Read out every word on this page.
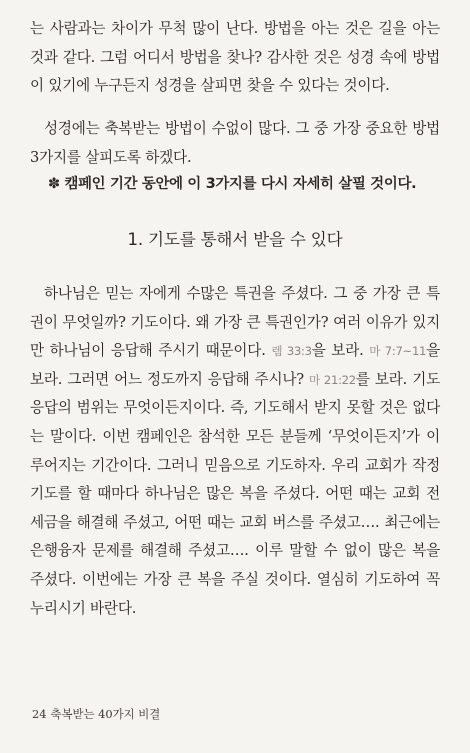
는 사람과는 차이가 무척 많이 난다. 방법을 아는 것은 길을 아는 것과 같다. 그럼 어디서 방법을 찾나? 감사한 것은 성경 속에 방법이 있기에 누구든지 성경을 살피면 찾을 수 있다는 것이다.

성경에는 축복받는 방법이 수없이 많다. 그 중 가장 중요한 방법 3가지를 살피도록 하겠다.

✽ 캠페인 기간 동안에 이 3가지를 다시 자세히 살필 것이다.

1. 기도를 통해서 받을 수 있다

하나님은 믿는 자에게 수많은 특권을 주셨다. 그 중 가장 큰 특권이 무엇일까? 기도이다. 왜 가장 큰 특권인가? 여러 이유가 있지만 하나님이 응답해 주시기 때문이다. 렘 33:3을 보라. 마 7:7~11을 보라. 그러면 어느 정도까지 응답해 주시나? 마 21:22를 보라. 기도 응답의 범위는 무엇이든지이다. 즉, 기도해서 받지 못할 것은 없다는 말이다. 이번 캠페인은 참석한 모든 분들께 ‘무엇이든지’가 이루어지는 기간이다. 그러니 믿음으로 기도하자. 우리 교회가 작정기도를 할 때마다 하나님은 많은 복을 주셨다. 어떤 때는 교회 전세금을 해결해 주셨고, 어떤 때는 교회 버스를 주셨고…. 최근에는 은행융자 문제를 해결해 주셨고…. 이루 말할 수 없이 많은 복을 주셨다. 이번에는 가장 큰 복을 주실 것이다. 열심히 기도하여 꼭 누리시기 바란다.

24 축복받는 40가지 비결
